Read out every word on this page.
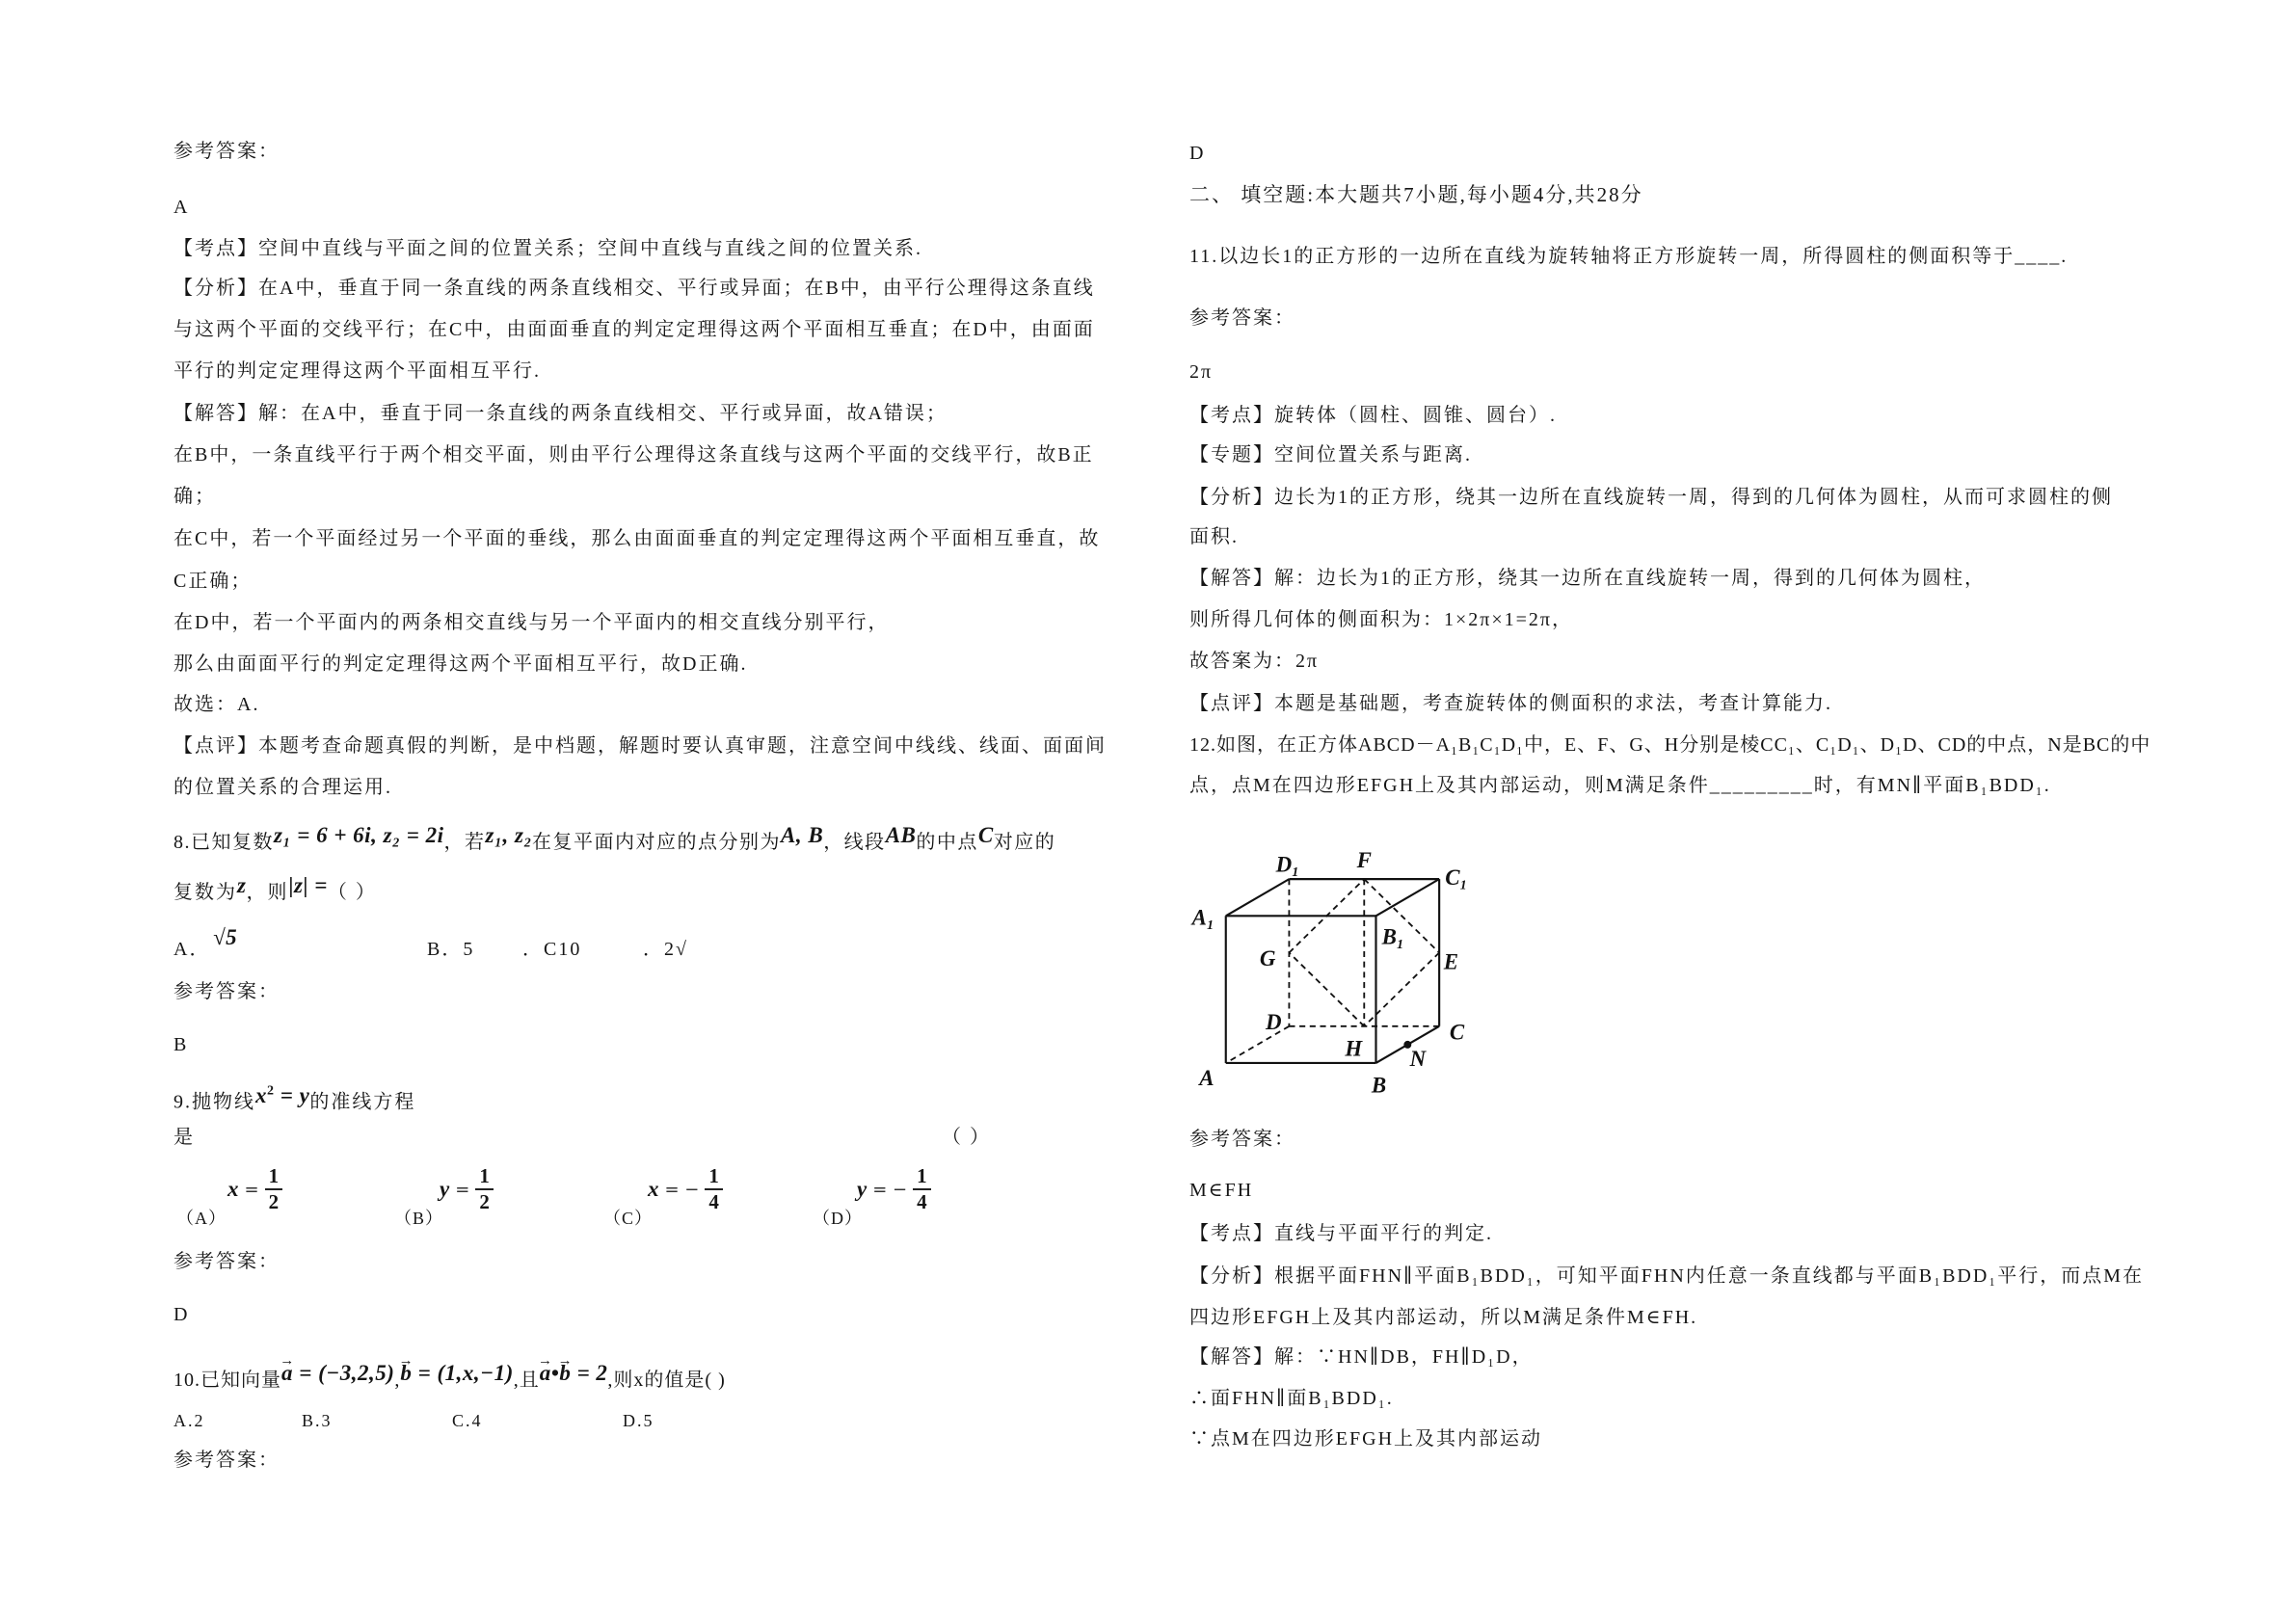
参考答案：
A
【考点】空间中直线与平面之间的位置关系；空间中直线与直线之间的位置关系.
【分析】在A中，垂直于同一条直线的两条直线相交、平行或异面；在B中，由平行公理得这条直线
与这两个平面的交线平行；在C中，由面面垂直的判定定理得这两个平面相互垂直；在D中，由面面
平行的判定定理得这两个平面相互平行.
【解答】解：在A中，垂直于同一条直线的两条直线相交、平行或异面，故A错误；
在B中，一条直线平行于两个相交平面，则由平行公理得这条直线与这两个平面的交线平行，故B正
确；
在C中，若一个平面经过另一个平面的垂线，那么由面面垂直的判定定理得这两个平面相互垂直，故
C正确；
在D中，若一个平面内的两条相交直线与另一个平面内的相交直线分别平行，
那么由面面平行的判定定理得这两个平面相互平行，故D正确.
故选：A.
【点评】本题考查命题真假的判断，是中档题，解题时要认真审题，注意空间中线线、线面、面面间
的位置关系的合理运用.
8.已知复数z₁ = 6 + 6i, z₂ = 2i，若z₁, z₂在复平面内对应的点分别为A, B，线段AB的中点C对应的
复数为z，则|z| =（ ）
A． √5	B．5 ．C10	．2√
参考答案：
B
9.抛物线$x^2 = y$的准线方程
是	（ ）
（A）
$x = \frac{1}{2}$
（B）
$y = \frac{1}{2}$
（C）
x = − $\frac{1}{4}$
（D）
y = − $\frac{1}{4}$
参考答案：
D
10.已知向量→ a = (−3,2,5),→ b = (1,x,−1),且→ a•→ b = 2,则x的值是( )
A.2	B.3	C.4	D.5
参考答案：
D
二、 填空题:本大题共7小题,每小题4分,共28分
11.以边长1的正方形的一边所在直线为旋转轴将正方形旋转一周，所得圆柱的侧面积等于____.
参考答案：
2π
【考点】旋转体（圆柱、圆锥、圆台）.
【专题】空间位置关系与距离.
【分析】边长为1的正方形，绕其一边所在直线旋转一周，得到的几何体为圆柱，从而可求圆柱的侧
面积.
【解答】解：边长为1的正方形，绕其一边所在直线旋转一周，得到的几何体为圆柱，
则所得几何体的侧面积为：1×2π×1=2π，
故答案为：2π
【点评】本题是基础题，考查旋转体的侧面积的求法，考查计算能力.
12.如图，在正方体ABCD－A₁B₁C₁D₁中，E、F、G、H分别是棱CC₁、C₁D₁、D₁D、CD的中点，N是BC的中
点，点M在四边形EFGH上及其内部运动，则M满足条件_________时，有MN∥平面B₁BDD₁.
D₁	F
C₁
A₁
B₁
G	E
D	C
H	N
A	B
参考答案：
M∈FH
【考点】直线与平面平行的判定.
【分析】根据平面FHN∥平面B₁BDD₁，可知平面FHN内任意一条直线都与平面B₁BDD₁平行，而点M在
四边形EFGH上及其内部运动，所以M满足条件M∈FH.
【解答】解：∵HN∥DB，FH∥D₁D，
∴面FHN∥面B₁BDD₁.
∵点M在四边形EFGH上及其内部运动
